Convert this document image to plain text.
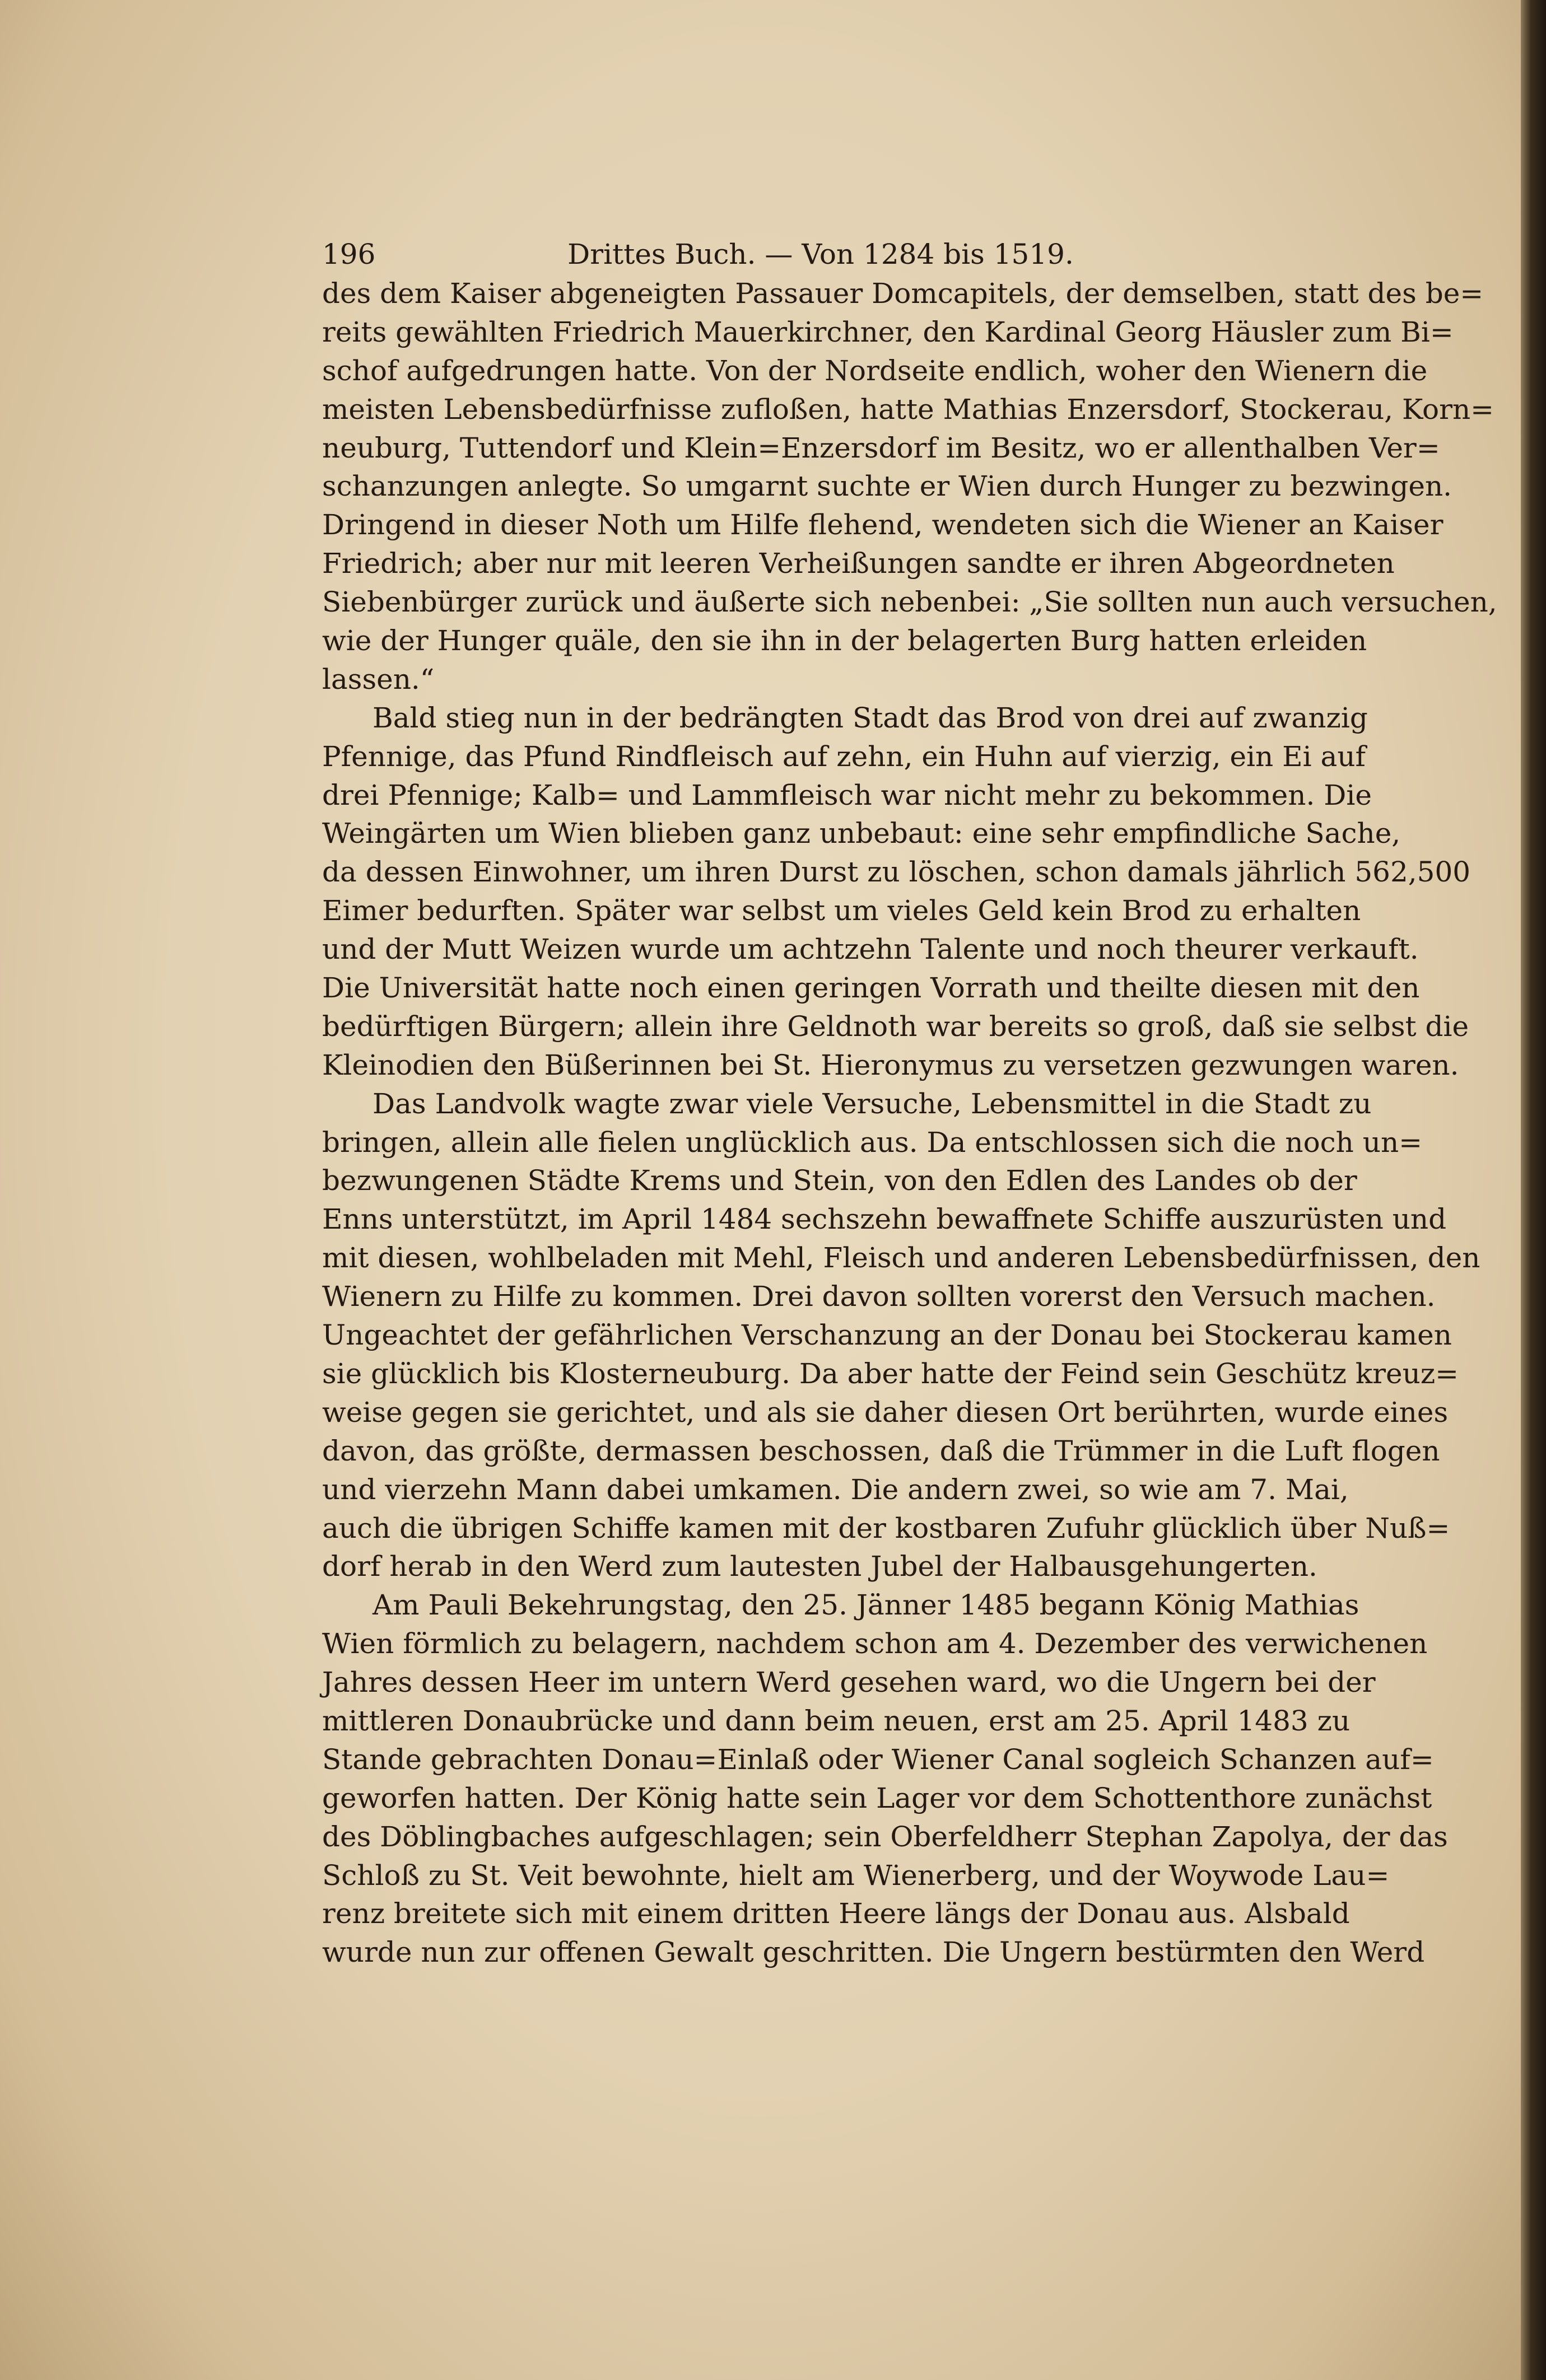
196	Drittes Buch. — Von 1284 bis 1519.
des dem Kaiser abgeneigten Passauer Domcapitels, der demselben, statt des be=
reits gewählten Friedrich Mauerkirchner, den Kardinal Georg Häusler zum Bi=
schof aufgedrungen hatte. Von der Nordseite endlich, woher den Wienern die
meisten Lebensbedürfnisse zufloßen, hatte Mathias Enzersdorf, Stockerau, Korn=
neuburg, Tuttendorf und Klein=Enzersdorf im Besitz, wo er allenthalben Ver=
schanzungen anlegte. So umgarnt suchte er Wien durch Hunger zu bezwingen.
Dringend in dieser Noth um Hilfe flehend, wendeten sich die Wiener an Kaiser
Friedrich; aber nur mit leeren Verheißungen sandte er ihren Abgeordneten
Siebenbürger zurück und äußerte sich nebenbei: „Sie sollten nun auch versuchen,
wie der Hunger quäle, den sie ihn in der belagerten Burg hatten erleiden
lassen.“
Bald stieg nun in der bedrängten Stadt das Brod von drei auf zwanzig
Pfennige, das Pfund Rindfleisch auf zehn, ein Huhn auf vierzig, ein Ei auf
drei Pfennige; Kalb= und Lammfleisch war nicht mehr zu bekommen. Die
Weingärten um Wien blieben ganz unbebaut: eine sehr empfindliche Sache,
da dessen Einwohner, um ihren Durst zu löschen, schon damals jährlich 562,500
Eimer bedurften. Später war selbst um vieles Geld kein Brod zu erhalten
und der Mutt Weizen wurde um achtzehn Talente und noch theurer verkauft.
Die Universität hatte noch einen geringen Vorrath und theilte diesen mit den
bedürftigen Bürgern; allein ihre Geldnoth war bereits so groß, daß sie selbst die
Kleinodien den Büßerinnen bei St. Hieronymus zu versetzen gezwungen waren.
Das Landvolk wagte zwar viele Versuche, Lebensmittel in die Stadt zu
bringen, allein alle fielen unglücklich aus. Da entschlossen sich die noch un=
bezwungenen Städte Krems und Stein, von den Edlen des Landes ob der
Enns unterstützt, im April 1484 sechszehn bewaffnete Schiffe auszurüsten und
mit diesen, wohlbeladen mit Mehl, Fleisch und anderen Lebensbedürfnissen, den
Wienern zu Hilfe zu kommen. Drei davon sollten vorerst den Versuch machen.
Ungeachtet der gefährlichen Verschanzung an der Donau bei Stockerau kamen
sie glücklich bis Klosterneuburg. Da aber hatte der Feind sein Geschütz kreuz=
weise gegen sie gerichtet, und als sie daher diesen Ort berührten, wurde eines
davon, das größte, dermassen beschossen, daß die Trümmer in die Luft flogen
und vierzehn Mann dabei umkamen. Die andern zwei, so wie am 7. Mai,
auch die übrigen Schiffe kamen mit der kostbaren Zufuhr glücklich über Nuß=
dorf herab in den Werd zum lautesten Jubel der Halbausgehungerten.
Am Pauli Bekehrungstag, den 25. Jänner 1485 begann König Mathias
Wien förmlich zu belagern, nachdem schon am 4. Dezember des verwichenen
Jahres dessen Heer im untern Werd gesehen ward, wo die Ungern bei der
mittleren Donaubrücke und dann beim neuen, erst am 25. April 1483 zu
Stande gebrachten Donau=Einlaß oder Wiener Canal sogleich Schanzen auf=
geworfen hatten. Der König hatte sein Lager vor dem Schottenthore zunächst
des Döblingbaches aufgeschlagen; sein Oberfeldherr Stephan Zapolya, der das
Schloß zu St. Veit bewohnte, hielt am Wienerberg, und der Woywode Lau=
renz breitete sich mit einem dritten Heere längs der Donau aus. Alsbald
wurde nun zur offenen Gewalt geschritten. Die Ungern bestürmten den Werd
